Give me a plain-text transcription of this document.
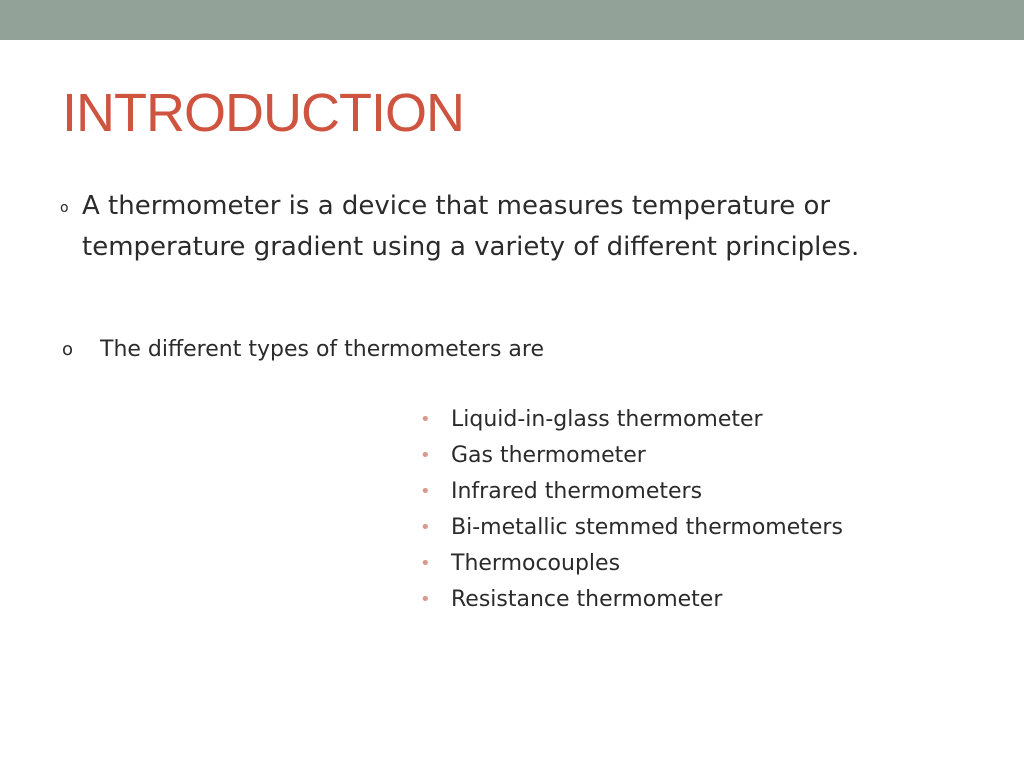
INTRODUCTION
o A thermometer is a device that measures temperature or temperature gradient using a variety of different principles.
o The different types of thermometers are
• Liquid-in-glass thermometer
• Gas thermometer
• Infrared thermometers
• Bi-metallic stemmed thermometers
• Thermocouples
• Resistance thermometer
